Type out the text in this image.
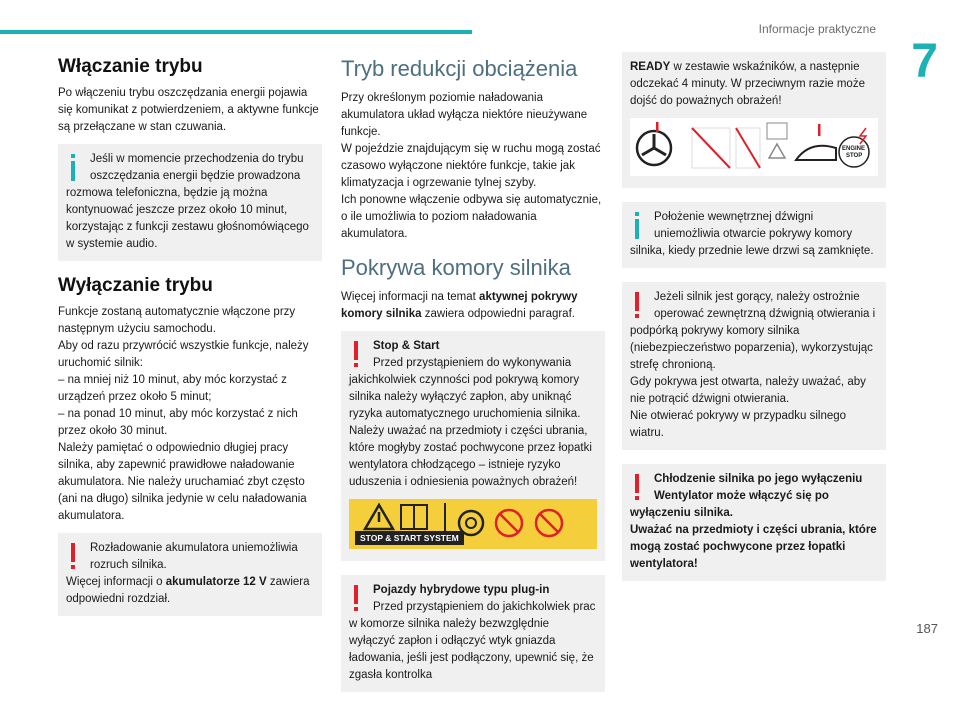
Informacje praktyczne
7
187
Włączanie trybu

Po włączeniu trybu oszczędzania energii pojawia się komunikat z potwierdzeniem, a aktywne funkcje są przełączane w stan czuwania.

Jeśli w momencie przechodzenia do trybu oszczędzania energii będzie prowadzona rozmowa telefoniczna, będzie ją można kontynuować jeszcze przez około 10 minut, korzystając z funkcji zestawu głośnomówiącego w systemie audio.

Wyłączanie trybu

Funkcje zostaną automatycznie włączone przy następnym użyciu samochodu.
Aby od razu przywrócić wszystkie funkcje, należy uruchomić silnik:
– na mniej niż 10 minut, aby móc korzystać z urządzeń przez około 5 minut;
– na ponad 10 minut, aby móc korzystać z nich przez około 30 minut.
Należy pamiętać o odpowiednio długiej pracy silnika, aby zapewnić prawidłowe naładowanie akumulatora. Nie należy uruchamiać zbyt często (ani na długo) silnika jedynie w celu naładowania akumulatora.

Rozładowanie akumulatora uniemożliwia rozruch silnika.

Więcej informacji o akumulatorze 12 V zawiera odpowiedni rozdział.

Tryb redukcji obciążenia

Przy określonym poziomie naładowania akumulatora układ wyłącza niektóre nieużywane funkcje.
W pojeździe znajdującym się w ruchu mogą zostać czasowo wyłączone niektóre funkcje, takie jak klimatyzacja i ogrzewanie tylnej szyby.
Ich ponowne włączenie odbywa się automatycznie, o ile umożliwia to poziom naładowania akumulatora.

Pokrywa komory silnika

Więcej informacji na temat aktywnej pokrywy komory silnika zawiera odpowiedni paragraf.

Stop & Start

Przed przystąpieniem do wykonywania jakichkolwiek czynności pod pokrywą komory silnika należy wyłączyć zapłon, aby uniknąć ryzyka automatycznego uruchomienia silnika. Należy uważać na przedmioty i części ubrania, które mogłyby zostać pochwycone przez łopatki wentylatora chłodzącego – istnieje ryzyko uduszenia i odniesienia poważnych obrażeń!

STOP & START SYSTEM

Pojazdy hybrydowe typu plug-in

Przed przystąpieniem do jakichkolwiek prac w komorze silnika należy bezwzględnie wyłączyć zapłon i odłączyć wtyk gniazda ładowania, jeśli jest podłączony, upewnić się, że zgasła kontrolka

READY w zestawie wskaźników, a następnie odczekać 4 minuty. W przeciwnym razie może dojść do poważnych obrażeń!

ENGINE
STOP

Położenie wewnętrznej dźwigni uniemożliwia otwarcie pokrywy komory silnika, kiedy przednie lewe drzwi są zamknięte.

Jeżeli silnik jest gorący, należy ostrożnie operować zewnętrzną dźwignią otwierania i podpórką pokrywy komory silnika (niebezpieczeństwo poparzenia), wykorzystując strefę chronioną.
Gdy pokrywa jest otwarta, należy uważać, aby nie potrącić dźwigni otwierania.
Nie otwierać pokrywy w przypadku silnego wiatru.

Chłodzenie silnika po jego wyłączeniu Wentylator może włączyć się po wyłączeniu silnika.
Uważać na przedmioty i części ubrania, które mogą zostać pochwycone przez łopatki wentylatora!
